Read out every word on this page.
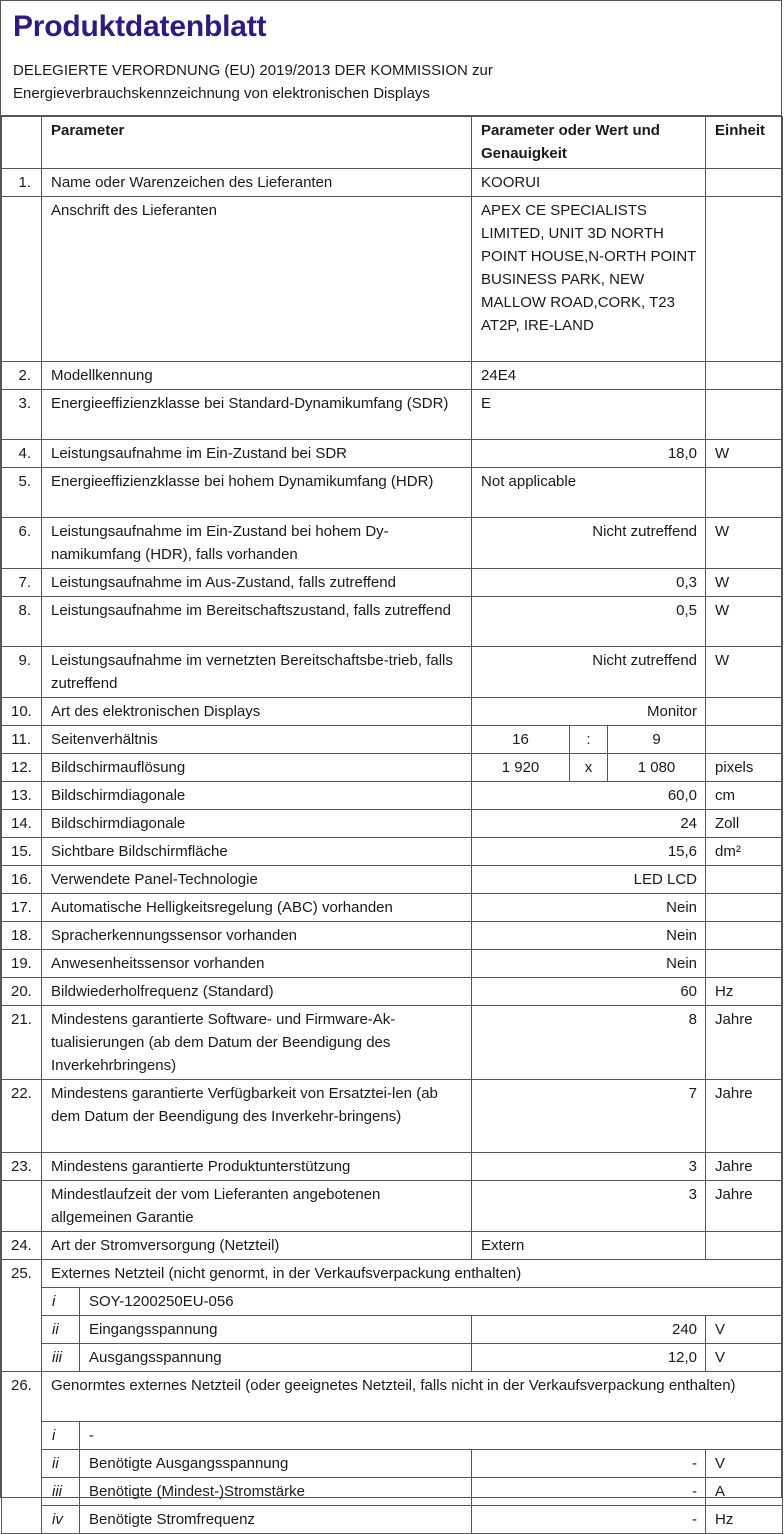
Produktdatenblatt
DELEGIERTE VERORDNUNG (EU) 2019/2013 DER KOMMISSION zur
Energieverbrauchskennzeichnung von elektronischen Displays
	Parameter		Parameter oder Wert und Genauigkeit			Einheit
1.	Name oder Warenzeichen des Lieferanten		KOORUI			
	Anschrift des Lieferanten		APEX CE SPECIALISTS LIMITED, UNIT 3D NORTH POINT HOUSE,N-ORTH POINT BUSINESS PARK, NEW MALLOW ROAD,CORK, T23 AT2P, IRE-LAND			
2.	Modellkennung		24E4			
3.	Energieeffizienzklasse bei Standard-Dynamikumfang (SDR)		E			
4.	Leistungsaufnahme im Ein-Zustand bei SDR		18,0			W
5.	Energieeffizienzklasse bei hohem Dynamikumfang (HDR)		Not applicable			
6.	Leistungsaufnahme im Ein-Zustand bei hohem Dy-namikumfang (HDR), falls vorhanden		Nicht zutreffend			W
7.	Leistungsaufnahme im Aus-Zustand, falls zutreffend		0,3			W
8.	Leistungsaufnahme im Bereitschaftszustand, falls zutreffend		0,5			W
9.	Leistungsaufnahme im vernetzten Bereitschaftsbe-trieb, falls zutreffend		Nicht zutreffend			W
10.	Art des elektronischen Displays		Monitor			
11.	Seitenverhältnis		16	:	9	
12.	Bildschirmauflösung		1 920	x	1 080	pixels
13.	Bildschirmdiagonale		60,0			cm
14.	Bildschirmdiagonale		24			Zoll
15.	Sichtbare Bildschirmfläche		15,6			dm²
16.	Verwendete Panel-Technologie		LED LCD			
17.	Automatische Helligkeitsregelung (ABC) vorhanden		Nein			
18.	Spracherkennungssensor vorhanden		Nein			
19.	Anwesenheitssensor vorhanden		Nein			
20.	Bildwiederholfrequenz (Standard)		60			Hz
21.	Mindestens garantierte Software- und Firmware-Ak-tualisierungen (ab dem Datum der Beendigung des Inverkehrbringens)		8			Jahre
22.	Mindestens garantierte Verfügbarkeit von Ersatztei-len (ab dem Datum der Beendigung des Inverkehr-bringens)		7			Jahre
23.	Mindestens garantierte Produktunterstützung		3			Jahre
	Mindestlaufzeit der vom Lieferanten angebotenen allgemeinen Garantie		3			Jahre
24.	Art der Stromversorgung (Netzteil)		Extern			
25.	Externes Netzteil (nicht genormt, in der Verkaufsverpackung enthalten)					
	i	SOY-1200250EU-056				
	ii	Eingangsspannung	240			V
	iii	Ausgangsspannung	12,0			V
26.	Genormtes externes Netzteil (oder geeignetes Netzteil, falls nicht in der Verkaufsverpackung enthalten)					
	i	-				
	ii	Benötigte Ausgangsspannung	-			V
	iii	Benötigte (Mindest-)Stromstärke	-			A
	iv	Benötigte Stromfrequenz	-			Hz
